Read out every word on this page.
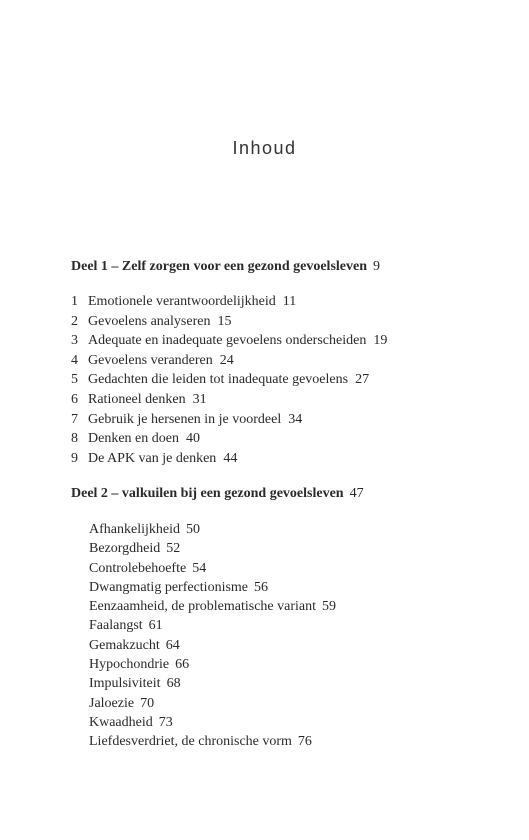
Inhoud
Deel 1 – Zelf zorgen voor een gezond gevoelsleven 9
1 Emotionele verantwoordelijkheid 11
2 Gevoelens analyseren 15
3 Adequate en inadequate gevoelens onderscheiden 19
4 Gevoelens veranderen 24
5 Gedachten die leiden tot inadequate gevoelens 27
6 Rationeel denken 31
7 Gebruik je hersenen in je voordeel 34
8 Denken en doen 40
9 De APK van je denken 44
Deel 2 – valkuilen bij een gezond gevoelsleven 47
Afhankelijkheid 50
Bezorgdheid 52
Controlebehoefte 54
Dwangmatig perfectionisme 56
Eenzaamheid, de problematische variant 59
Faalangst 61
Gemakzucht 64
Hypochondrie 66
Impulsiviteit 68
Jaloezie 70
Kwaadheid 73
Liefdesverdriet, de chronische vorm 76
